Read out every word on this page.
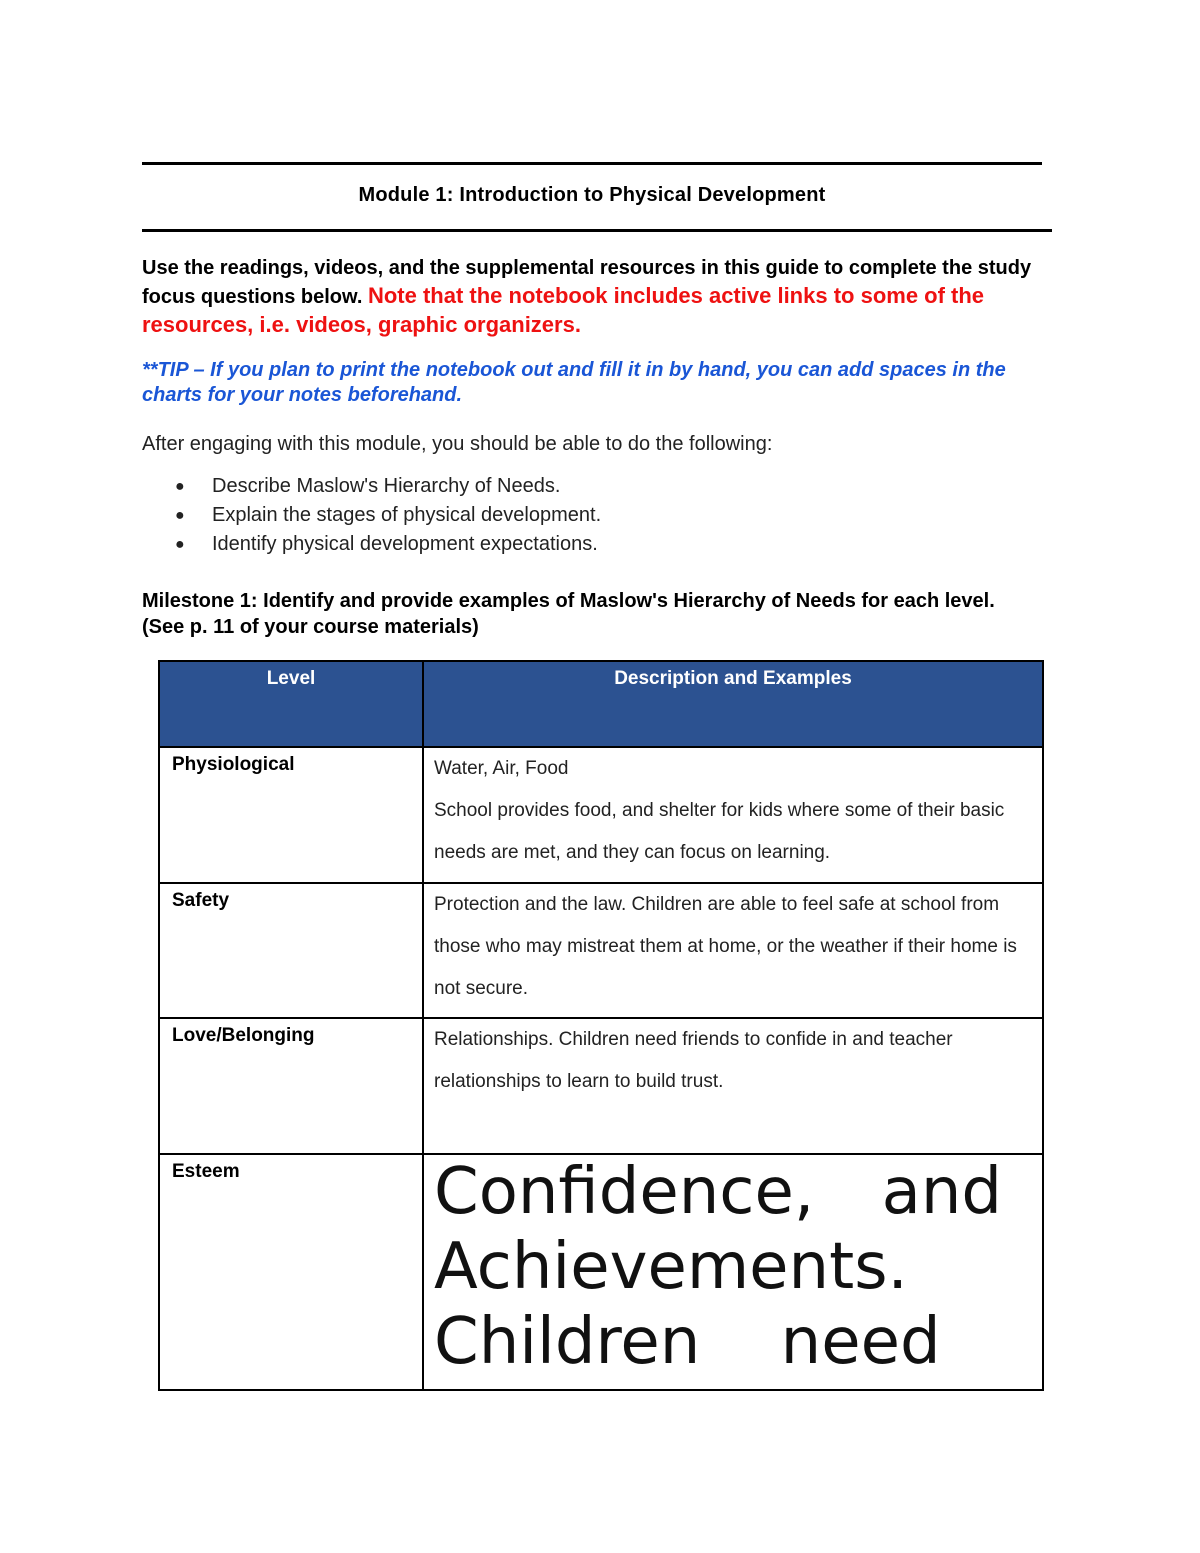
Module 1: Introduction to Physical Development
Use the readings, videos, and the supplemental resources in this guide to complete the study focus questions below. Note that the notebook includes active links to some of the resources, i.e. videos, graphic organizers.
**TIP – If you plan to print the notebook out and fill it in by hand, you can add spaces in the charts for your notes beforehand.
After engaging with this module, you should be able to do the following:
● Describe Maslow's Hierarchy of Needs.
● Explain the stages of physical development.
● Identify physical development expectations.
Milestone 1: Identify and provide examples of Maslow's Hierarchy of Needs for each level. (See p. 11 of your course materials)
Level	Description and Examples
Physiological	Water, Air, Food
School provides food, and shelter for kids where some of their basic needs are met, and they can focus on learning.

Safety	Protection and the law. Children are able to feel safe at school from those who may mistreat them at home, or the weather if their home is not secure.

Love/Belonging	Relationships. Children need friends to confide in and teacher relationships to learn to build trust.

Esteem	Confidence, and
Achievements.
Children need
